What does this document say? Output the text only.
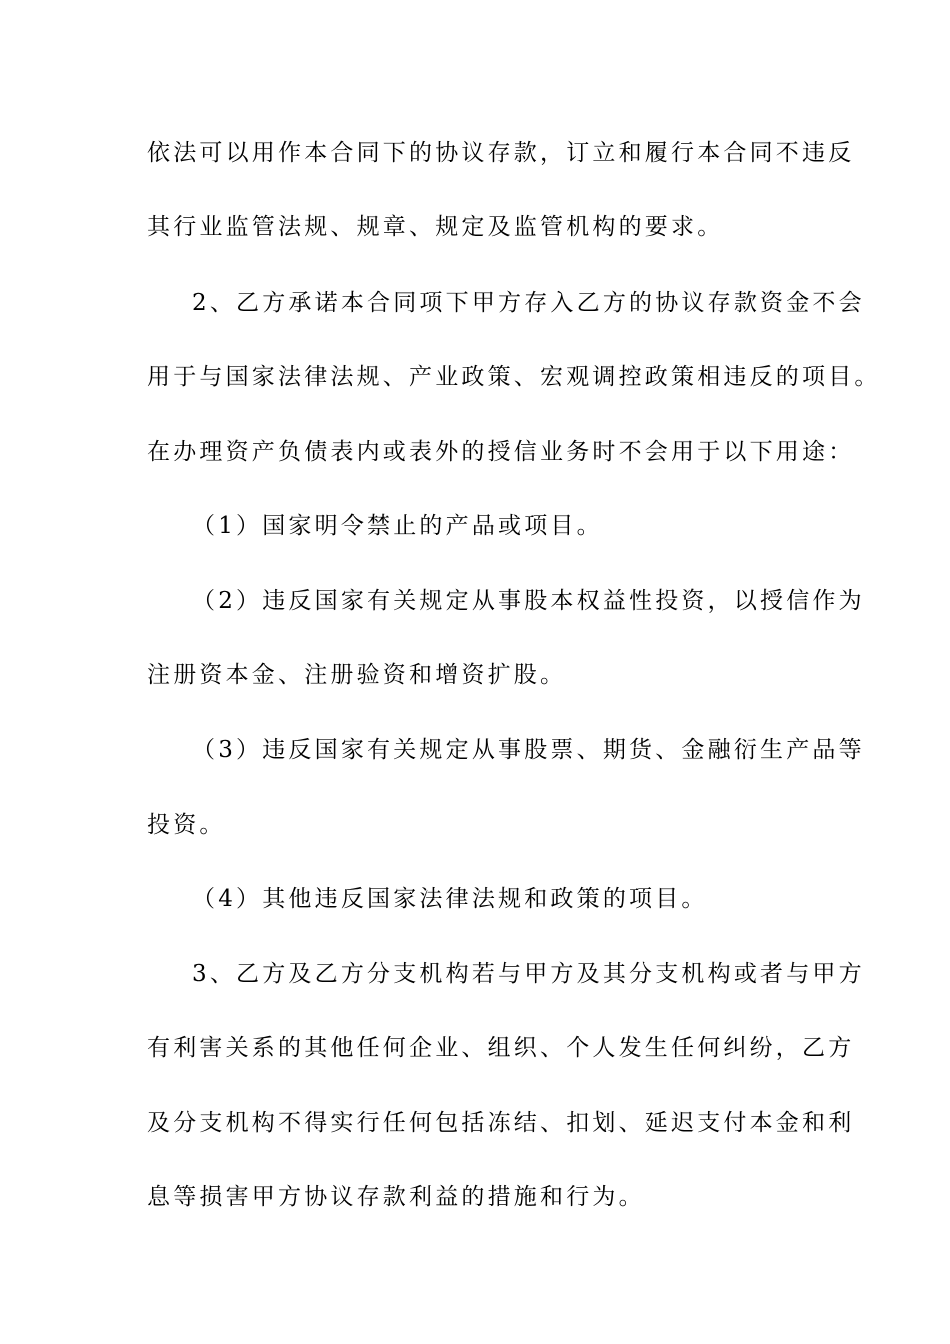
依法可以用作本合同下的协议存款，订立和履行本合同不违反
其行业监管法规、规章、规定及监管机构的要求。
2、乙方承诺本合同项下甲方存入乙方的协议存款资金不会
用于与国家法律法规、产业政策、宏观调控政策相违反的项目。
在办理资产负债表内或表外的授信业务时不会用于以下用途：
（1）国家明令禁止的产品或项目。
（2）违反国家有关规定从事股本权益性投资，以授信作为
注册资本金、注册验资和增资扩股。
（3）违反国家有关规定从事股票、期货、金融衍生产品等
投资。
（4）其他违反国家法律法规和政策的项目。
3、乙方及乙方分支机构若与甲方及其分支机构或者与甲方
有利害关系的其他任何企业、组织、个人发生任何纠纷，乙方
及分支机构不得实行任何包括冻结、扣划、延迟支付本金和利
息等损害甲方协议存款利益的措施和行为。
